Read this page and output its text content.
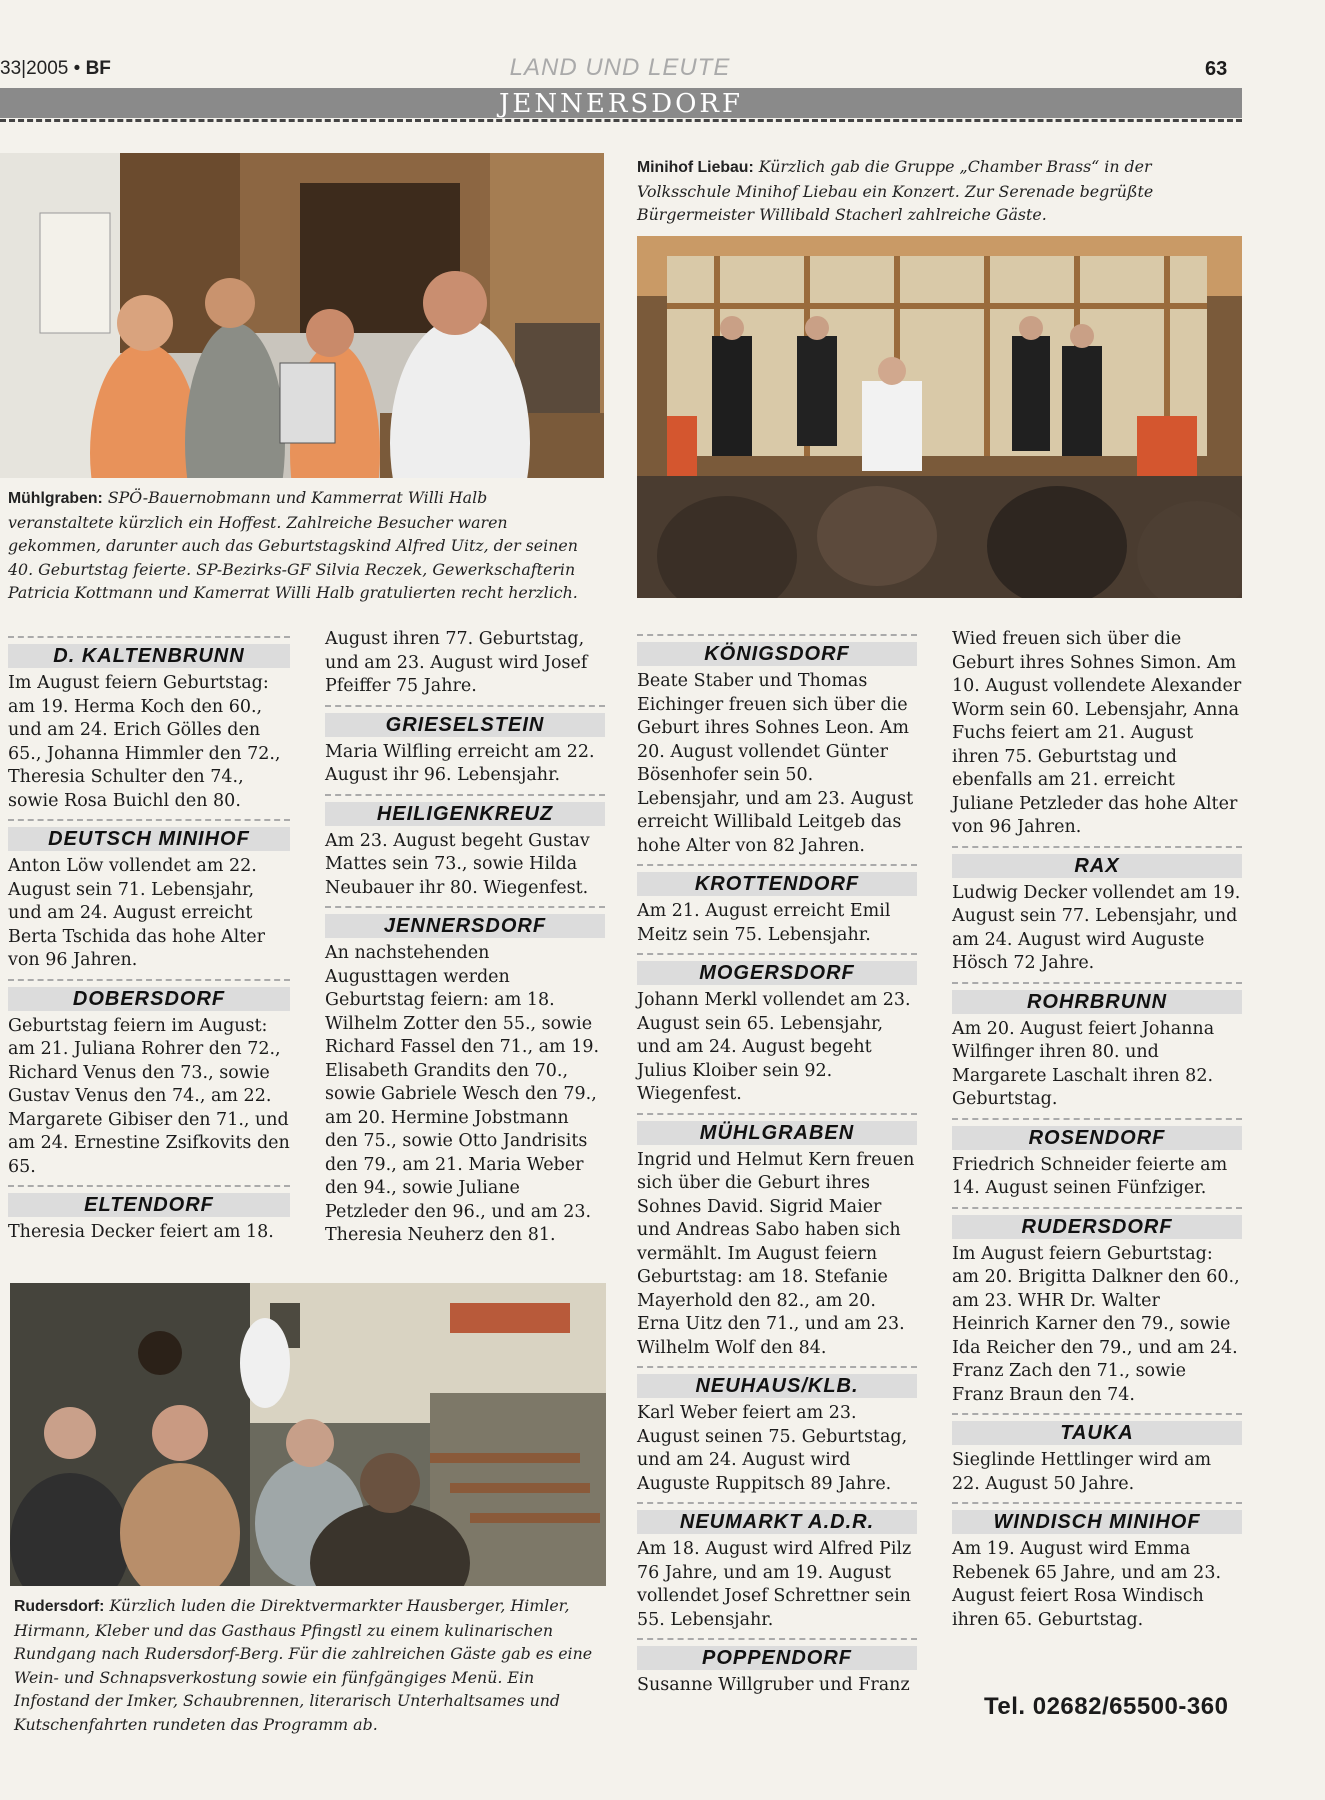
33|2005 • BF	LAND UND LEUTE	63
JENNERSDORF
Mühlgraben: SPÖ-Bauernobmann und Kammerrat Willi Halb veranstaltete kürzlich ein Hoffest. Zahlreiche Besucher waren gekommen, darunter auch das Geburtstagskind Alfred Uitz, der seinen 40. Geburtstag feierte. SP-Bezirks-GF Silvia Reczek, Gewerkschafterin Patricia Kottmann und Kamerrat Willi Halb gratulierten recht herzlich.
Minihof Liebau: Kürzlich gab die Gruppe „Chamber Brass“ in der Volksschule Minihof Liebau ein Konzert. Zur Serenade begrüßte Bürgermeister Willibald Stacherl zahlreiche Gäste.
D. KALTENBRUNN

Im August feiern Geburtstag: am 19. Herma Koch den 60., und am 24. Erich Gölles den 65., Johanna Himmler den 72., Theresia Schulter den 74., sowie Rosa Buichl den 80.

DEUTSCH MINIHOF

Anton Löw vollendet am 22. August sein 71. Lebensjahr, und am 24. August erreicht Berta Tschida das hohe Alter von 96 Jahren.

DOBERSDORF

Geburtstag feiern im August: am 21. Juliana Rohrer den 72., Richard Venus den 73., sowie Gustav Venus den 74., am 22. Margarete Gibiser den 71., und am 24. Ernestine Zsifkovits den 65.

ELTENDORF

Theresia Decker feiert am 18.

August ihren 77. Geburtstag, und am 23. August wird Josef Pfeiffer 75 Jahre.

GRIESELSTEIN

Maria Wilfling erreicht am 22. August ihr 96. Lebensjahr.

HEILIGENKREUZ

Am 23. August begeht Gustav Mattes sein 73., sowie Hilda Neubauer ihr 80. Wiegenfest.

JENNERSDORF

An nachstehenden Augusttagen werden Geburtstag feiern: am 18. Wilhelm Zotter den 55., sowie Richard Fassel den 71., am 19. Elisabeth Grandits den 70., sowie Gabriele Wesch den 79., am 20. Hermine Jobstmann den 75., sowie Otto Jandrisits den 79., am 21. Maria Weber den 94., sowie Juliane Petzleder den 96., und am 23. Theresia Neuherz den 81.

Rudersdorf: Kürzlich luden die Direktvermarkter Hausberger, Himler, Hirmann, Kleber und das Gasthaus Pfingstl zu einem kulinarischen Rundgang nach Rudersdorf-Berg. Für die zahlreichen Gäste gab es eine Wein- und Schnapsverkostung sowie ein fünfgängiges Menü. Ein Infostand der Imker, Schaubrennen, literarisch Unterhaltsames und Kutschenfahrten rundeten das Programm ab.
KÖNIGSDORF

Beate Staber und Thomas Eichinger freuen sich über die Geburt ihres Sohnes Leon. Am 20. August vollendet Günter Bösenhofer sein 50. Lebensjahr, und am 23. August erreicht Willibald Leitgeb das hohe Alter von 82 Jahren.

KROTTENDORF

Am 21. August erreicht Emil Meitz sein 75. Lebensjahr.

MOGERSDORF

Johann Merkl vollendet am 23. August sein 65. Lebensjahr, und am 24. August begeht Julius Kloiber sein 92. Wiegenfest.

MÜHLGRABEN

Ingrid und Helmut Kern freuen sich über die Geburt ihres Sohnes David. Sigrid Maier und Andreas Sabo haben sich vermählt. Im August feiern Geburtstag: am 18. Stefanie Mayerhold den 82., am 20. Erna Uitz den 71., und am 23. Wilhelm Wolf den 84.

NEUHAUS/KLB.

Karl Weber feiert am 23. August seinen 75. Geburtstag, und am 24. August wird Auguste Ruppitsch 89 Jahre.

NEUMARKT A.D.R.

Am 18. August wird Alfred Pilz 76 Jahre, und am 19. August vollendet Josef Schrettner sein 55. Lebensjahr.

POPPENDORF

Susanne Willgruber und Franz

Wied freuen sich über die Geburt ihres Sohnes Simon. Am 10. August vollendete Alexander Worm sein 60. Lebensjahr, Anna Fuchs feiert am 21. August ihren 75. Geburtstag und ebenfalls am 21. erreicht Juliane Petzleder das hohe Alter von 96 Jahren.

RAX

Ludwig Decker vollendet am 19. August sein 77. Lebensjahr, und am 24. August wird Auguste Hösch 72 Jahre.

ROHRBRUNN

Am 20. August feiert Johanna Wilfinger ihren 80. und Margarete Laschalt ihren 82. Geburtstag.

ROSENDORF

Friedrich Schneider feierte am 14. August seinen Fünfziger.

RUDERSDORF

Im August feiern Geburtstag: am 20. Brigitta Dalkner den 60., am 23. WHR Dr. Walter Heinrich Karner den 79., sowie Ida Reicher den 79., und am 24. Franz Zach den 71., sowie Franz Braun den 74.

TAUKA

Sieglinde Hettlinger wird am 22. August 50 Jahre.

WINDISCH MINIHOF

Am 19. August wird Emma Rebenek 65 Jahre, und am 23. August feiert Rosa Windisch ihren 65. Geburtstag.

Tel. 02682/65500-360
